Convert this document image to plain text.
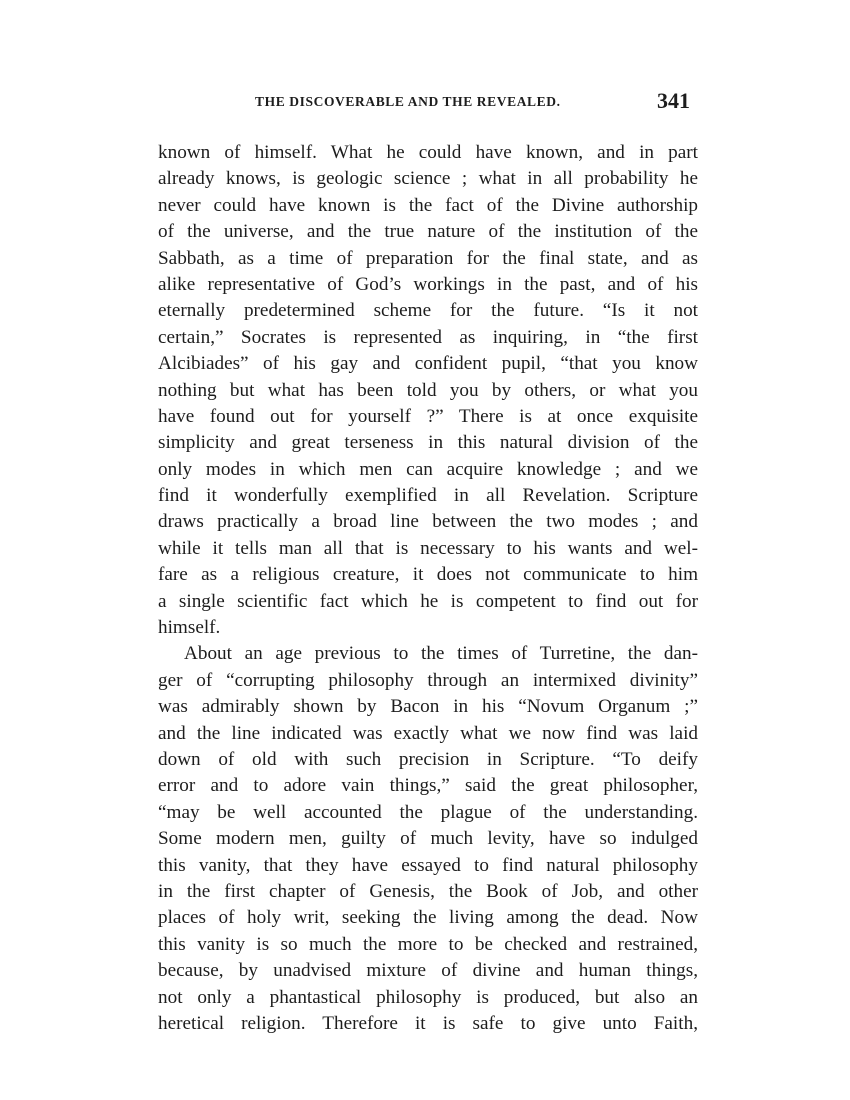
THE DISCOVERABLE AND THE REVEALED.	341
known of himself. What he could have known, and in part
already knows, is geologic science ; what in all probability he
never could have known is the fact of the Divine authorship
of the universe, and the true nature of the institution of the
Sabbath, as a time of preparation for the final state, and as
alike representative of God’s workings in the past, and of his
eternally predetermined scheme for the future. “Is it not
certain,” Socrates is represented as inquiring, in “the first
Alcibiades” of his gay and confident pupil, “that you know
nothing but what has been told you by others, or what you
have found out for yourself ?” There is at once exquisite
simplicity and great terseness in this natural division of the
only modes in which men can acquire knowledge ; and we
find it wonderfully exemplified in all Revelation. Scripture
draws practically a broad line between the two modes ; and
while it tells man all that is necessary to his wants and wel-
fare as a religious creature, it does not communicate to him
a single scientific fact which he is competent to find out for
himself.
About an age previous to the times of Turretine, the dan-
ger of “corrupting philosophy through an intermixed divinity”
was admirably shown by Bacon in his “Novum Organum ;”
and the line indicated was exactly what we now find was laid
down of old with such precision in Scripture. “To deify
error and to adore vain things,” said the great philosopher,
“may be well accounted the plague of the understanding.
Some modern men, guilty of much levity, have so indulged
this vanity, that they have essayed to find natural philosophy
in the first chapter of Genesis, the Book of Job, and other
places of holy writ, seeking the living among the dead. Now
this vanity is so much the more to be checked and restrained,
because, by unadvised mixture of divine and human things,
not only a phantastical philosophy is produced, but also an
heretical religion. Therefore it is safe to give unto Faith,
